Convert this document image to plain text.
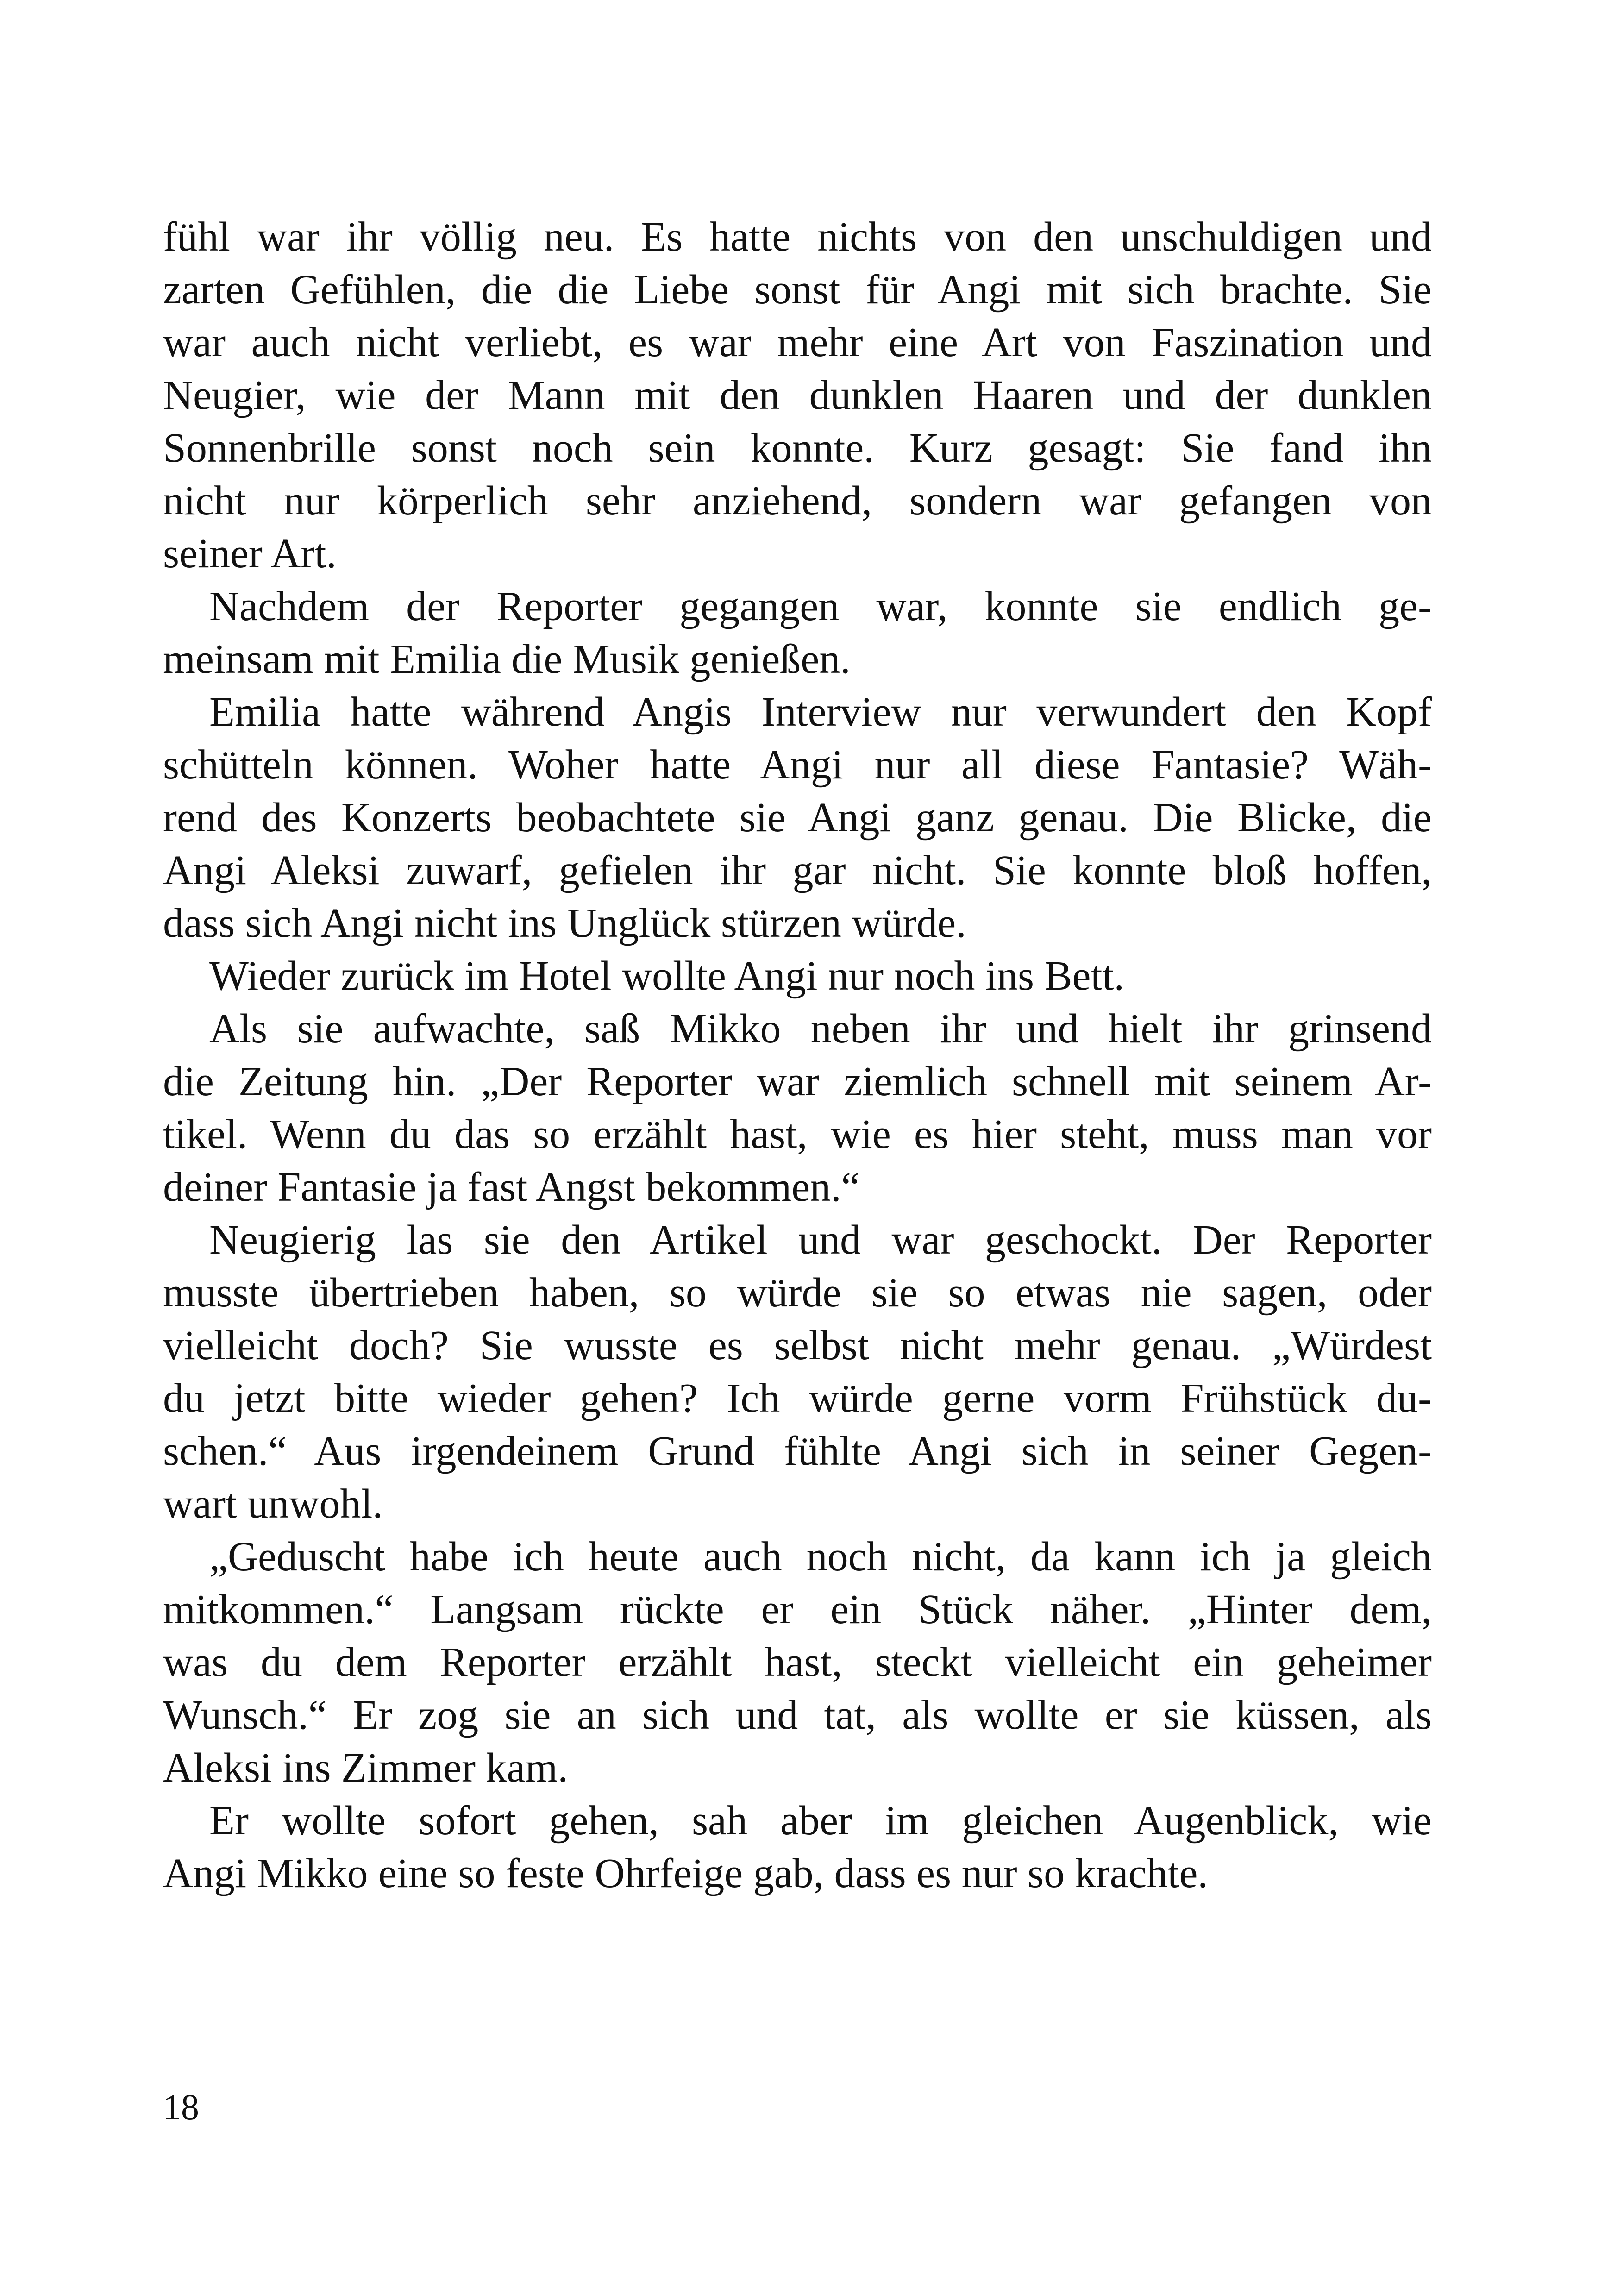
fühl war ihr völlig neu. Es hatte nichts von den unschuldigen und
zarten Gefühlen, die die Liebe sonst für Angi mit sich brachte. Sie
war auch nicht verliebt, es war mehr eine Art von Faszination und
Neugier, wie der Mann mit den dunklen Haaren und der dunklen
Sonnenbrille sonst noch sein konnte. Kurz gesagt: Sie fand ihn
nicht nur körperlich sehr anziehend, sondern war gefangen von
seiner Art.
Nachdem der Reporter gegangen war, konnte sie endlich ge-
meinsam mit Emilia die Musik genießen.
Emilia hatte während Angis Interview nur verwundert den Kopf
schütteln können. Woher hatte Angi nur all diese Fantasie? Wäh-
rend des Konzerts beobachtete sie Angi ganz genau. Die Blicke, die
Angi Aleksi zuwarf, gefielen ihr gar nicht. Sie konnte bloß hoffen,
dass sich Angi nicht ins Unglück stürzen würde.
Wieder zurück im Hotel wollte Angi nur noch ins Bett.
Als sie aufwachte, saß Mikko neben ihr und hielt ihr grinsend
die Zeitung hin. „Der Reporter war ziemlich schnell mit seinem Ar-
tikel. Wenn du das so erzählt hast, wie es hier steht, muss man vor
deiner Fantasie ja fast Angst bekommen.“
Neugierig las sie den Artikel und war geschockt. Der Reporter
musste übertrieben haben, so würde sie so etwas nie sagen, oder
vielleicht doch? Sie wusste es selbst nicht mehr genau. „Würdest
du jetzt bitte wieder gehen? Ich würde gerne vorm Frühstück du-
schen.“ Aus irgendeinem Grund fühlte Angi sich in seiner Gegen-
wart unwohl.
„Geduscht habe ich heute auch noch nicht, da kann ich ja gleich
mitkommen.“ Langsam rückte er ein Stück näher. „Hinter dem,
was du dem Reporter erzählt hast, steckt vielleicht ein geheimer
Wunsch.“ Er zog sie an sich und tat, als wollte er sie küssen, als
Aleksi ins Zimmer kam.
Er wollte sofort gehen, sah aber im gleichen Augenblick, wie
Angi Mikko eine so feste Ohrfeige gab, dass es nur so krachte.
18
